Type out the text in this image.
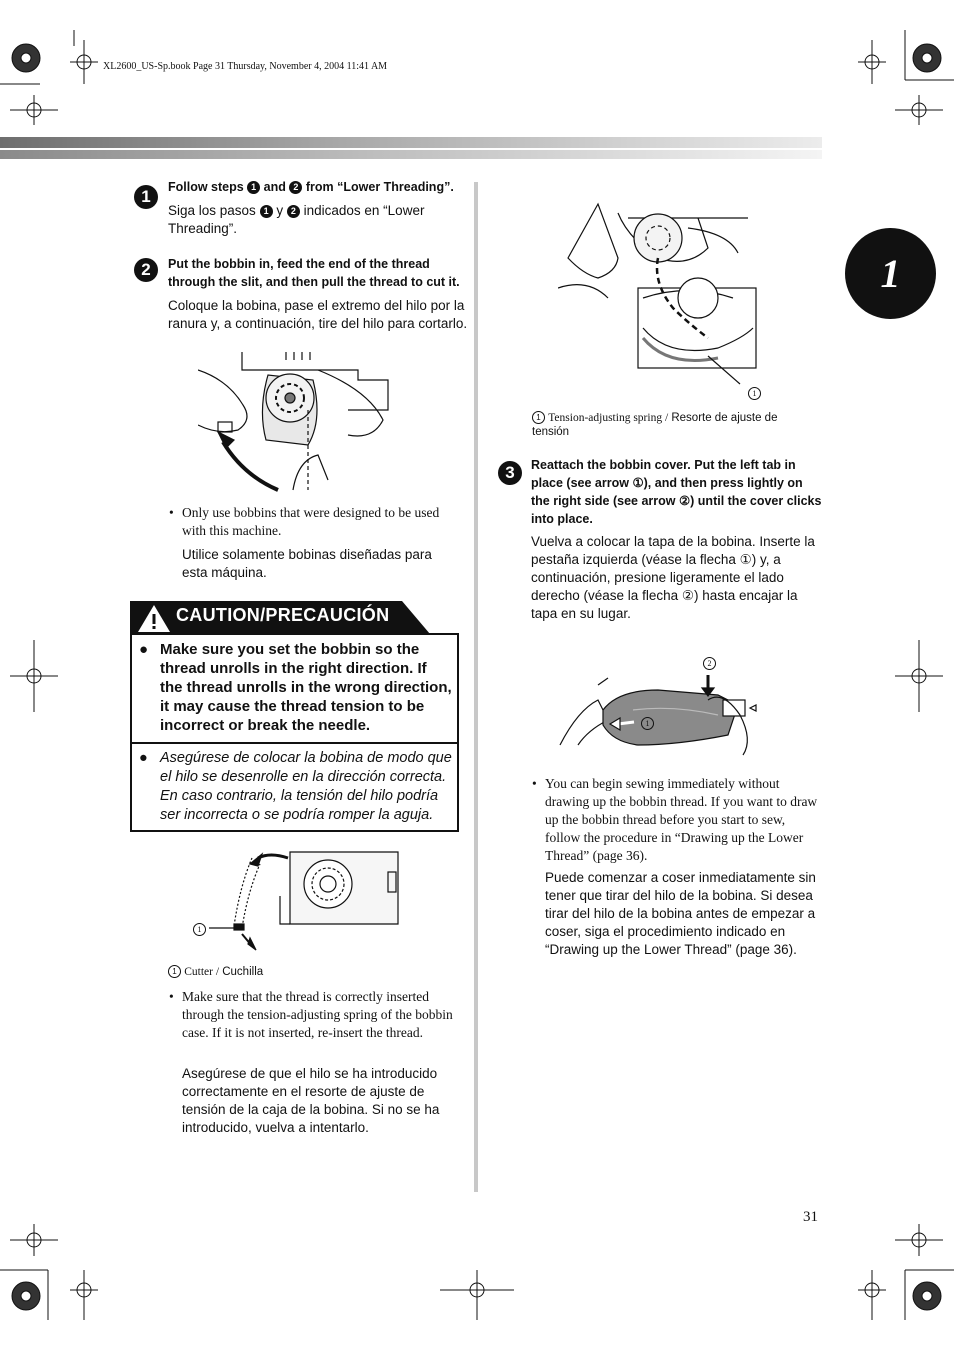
XL2600_US-Sp.book Page 31 Thursday, November 4, 2004 11:41 AM
1
1	Follow steps 1 and 2 from “Lower Threading”.
Siga los pasos 1 y 2 indicados en “Lower Threading”.
2	Put the bobbin in, feed the end of the thread through the slit, and then pull the thread to cut it.
Coloque la bobina, pase el extremo del hilo por la ranura y, a continuación, tire del hilo para cortarlo.
• Only use bobbins that were designed to be used with this machine.
Utilice solamente bobinas diseñadas para esta máquina.
CAUTION/PRECAUCIÓN
● Make sure you set the bobbin so the thread unrolls in the right direction. If the thread unrolls in the wrong direction, it may cause the thread tension to be incorrect or break the needle.
● Asegúrese de colocar la bobina de modo que el hilo se desenrolle en la dirección correcta. En caso contrario, la tensión del hilo podría ser incorrecta o se podría romper la aguja.
1
1 Cutter / Cuchilla
• Make sure that the thread is correctly inserted through the tension-adjusting spring of the bobbin case. If it is not inserted, re-insert the thread.
Asegúrese de que el hilo se ha introducido correctamente en el resorte de ajuste de tensión de la caja de la bobina. Si no se ha introducido, vuelva a intentarlo.
1
1 Tension-adjusting spring / Resorte de ajuste de tensión
3	Reattach the bobbin cover. Put the left tab in place (see arrow ①), and then press lightly on the right side (see arrow ②) until the cover clicks into place.
Vuelva a colocar la tapa de la bobina. Inserte la pestaña izquierda (véase la flecha ①) y, a continuación, presione ligeramente el lado derecho (véase la flecha ②) hasta encajar la tapa en su lugar.
2
1
• You can begin sewing immediately without drawing up the bobbin thread. If you want to draw up the bobbin thread before you start to sew, follow the procedure in “Drawing up the Lower Thread” (page 36).
Puede comenzar a coser inmediatamente sin tener que tirar del hilo de la bobina. Si desea tirar del hilo de la bobina antes de empezar a coser, siga el procedimiento indicado en “Drawing up the Lower Thread” (page 36).
31
